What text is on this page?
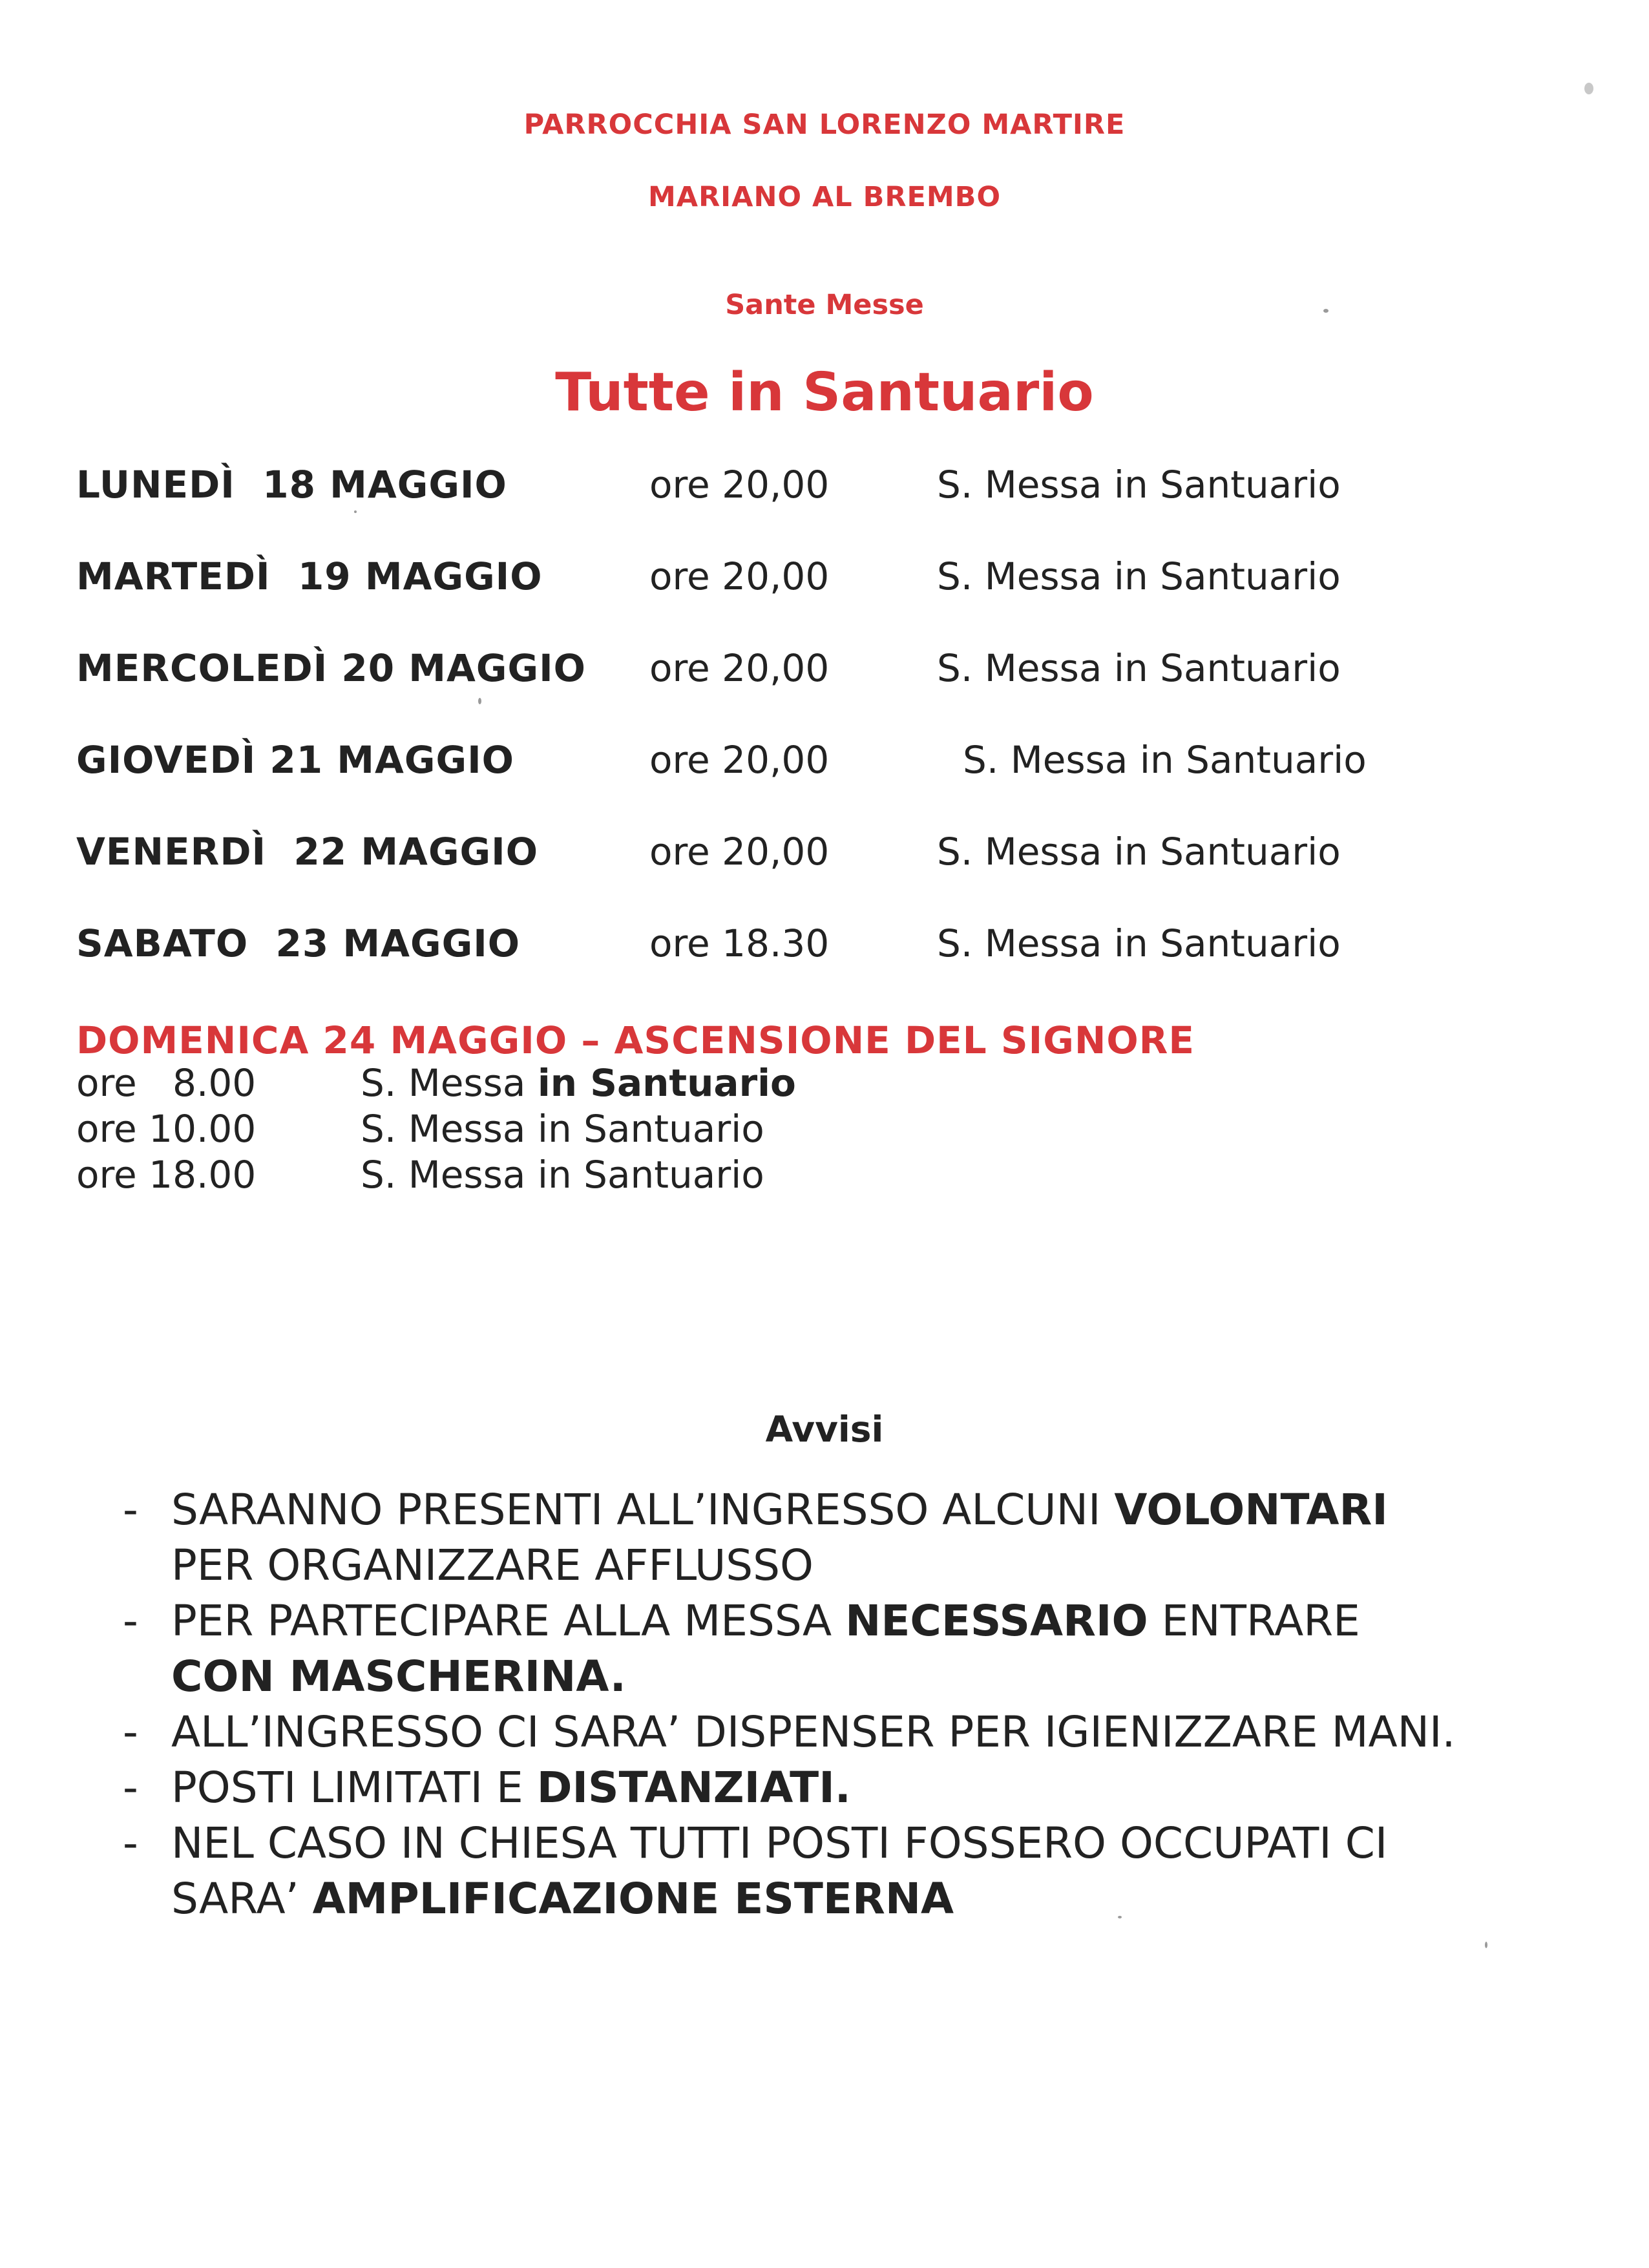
PARROCCHIA SAN LORENZO MARTIRE
MARIANO AL BREMBO
Sante Messe
Tutte in Santuario
LUNEDÌ  18 MAGGIO	ore 20,00	S. Messa in Santuario
MARTEDÌ  19 MAGGIO	ore 20,00	S. Messa in Santuario
MERCOLEDÌ 20 MAGGIO ore 20,00	S. Messa in Santuario
GIOVEDÌ 21 MAGGIO	ore 20,00	S. Messa in Santuario
VENERDÌ  22 MAGGIO	ore 20,00	S. Messa in Santuario
SABATO  23 MAGGIO	ore 18.30	S. Messa in Santuario
DOMENICA 24 MAGGIO – ASCENSIONE DEL SIGNORE
ore   8.00	S. Messa in Santuario
ore 10.00	S. Messa in Santuario
ore 18.00	S. Messa in Santuario
Avvisi
- SARANNO PRESENTI ALL’INGRESSO ALCUNI VOLONTARI
PER ORGANIZZARE AFFLUSSO
- PER PARTECIPARE ALLA MESSA NECESSARIO ENTRARE
CON MASCHERINA.
- ALL’INGRESSO CI SARA’ DISPENSER PER IGIENIZZARE MANI.
- POSTI LIMITATI E DISTANZIATI.
- NEL CASO IN CHIESA TUTTI POSTI FOSSERO OCCUPATI CI
SARA’ AMPLIFICAZIONE ESTERNA
